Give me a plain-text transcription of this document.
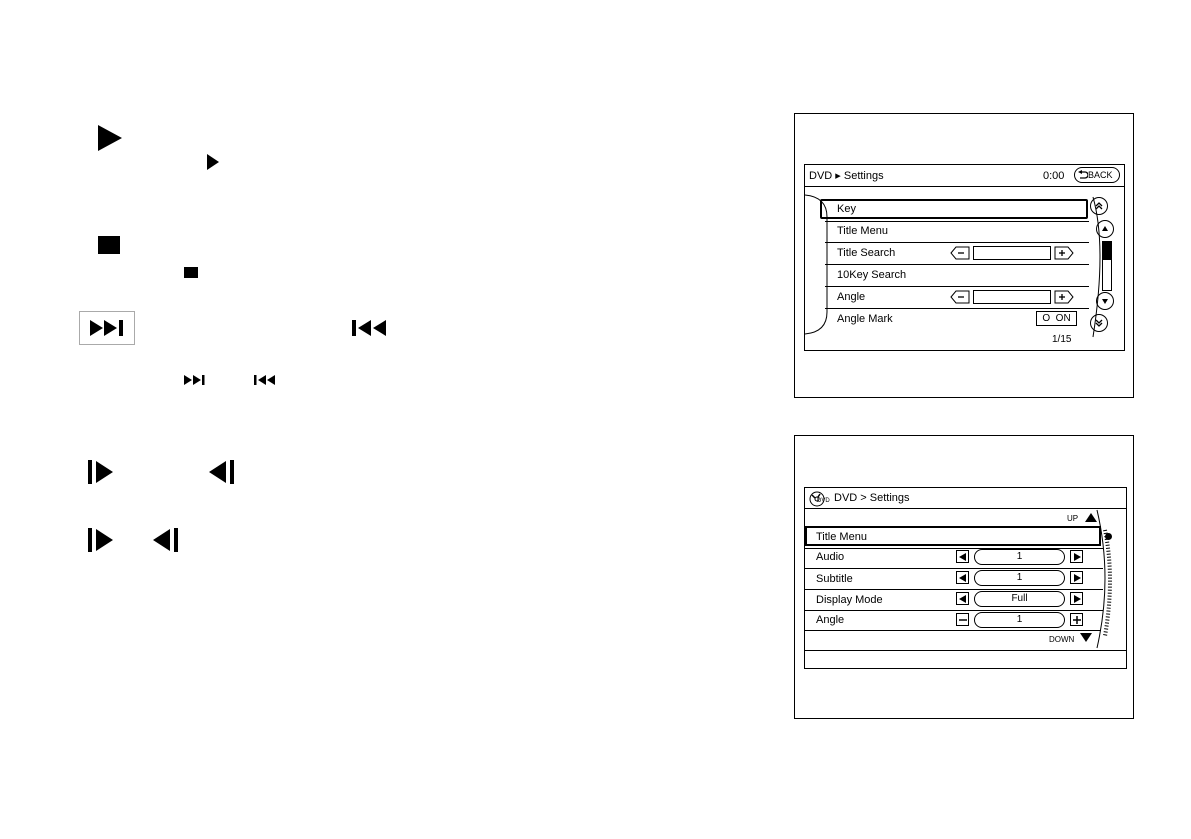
DVD ▸ Settings	0:00	BACK
Key
Title Menu
Title Search
10Key Search
Angle
Angle Mark	O  ON
1/15
DVD DVD > Settings
UP
Title Menu
Audio	1
Subtitle	1
Display Mode	Full
Angle	1
DOWN
